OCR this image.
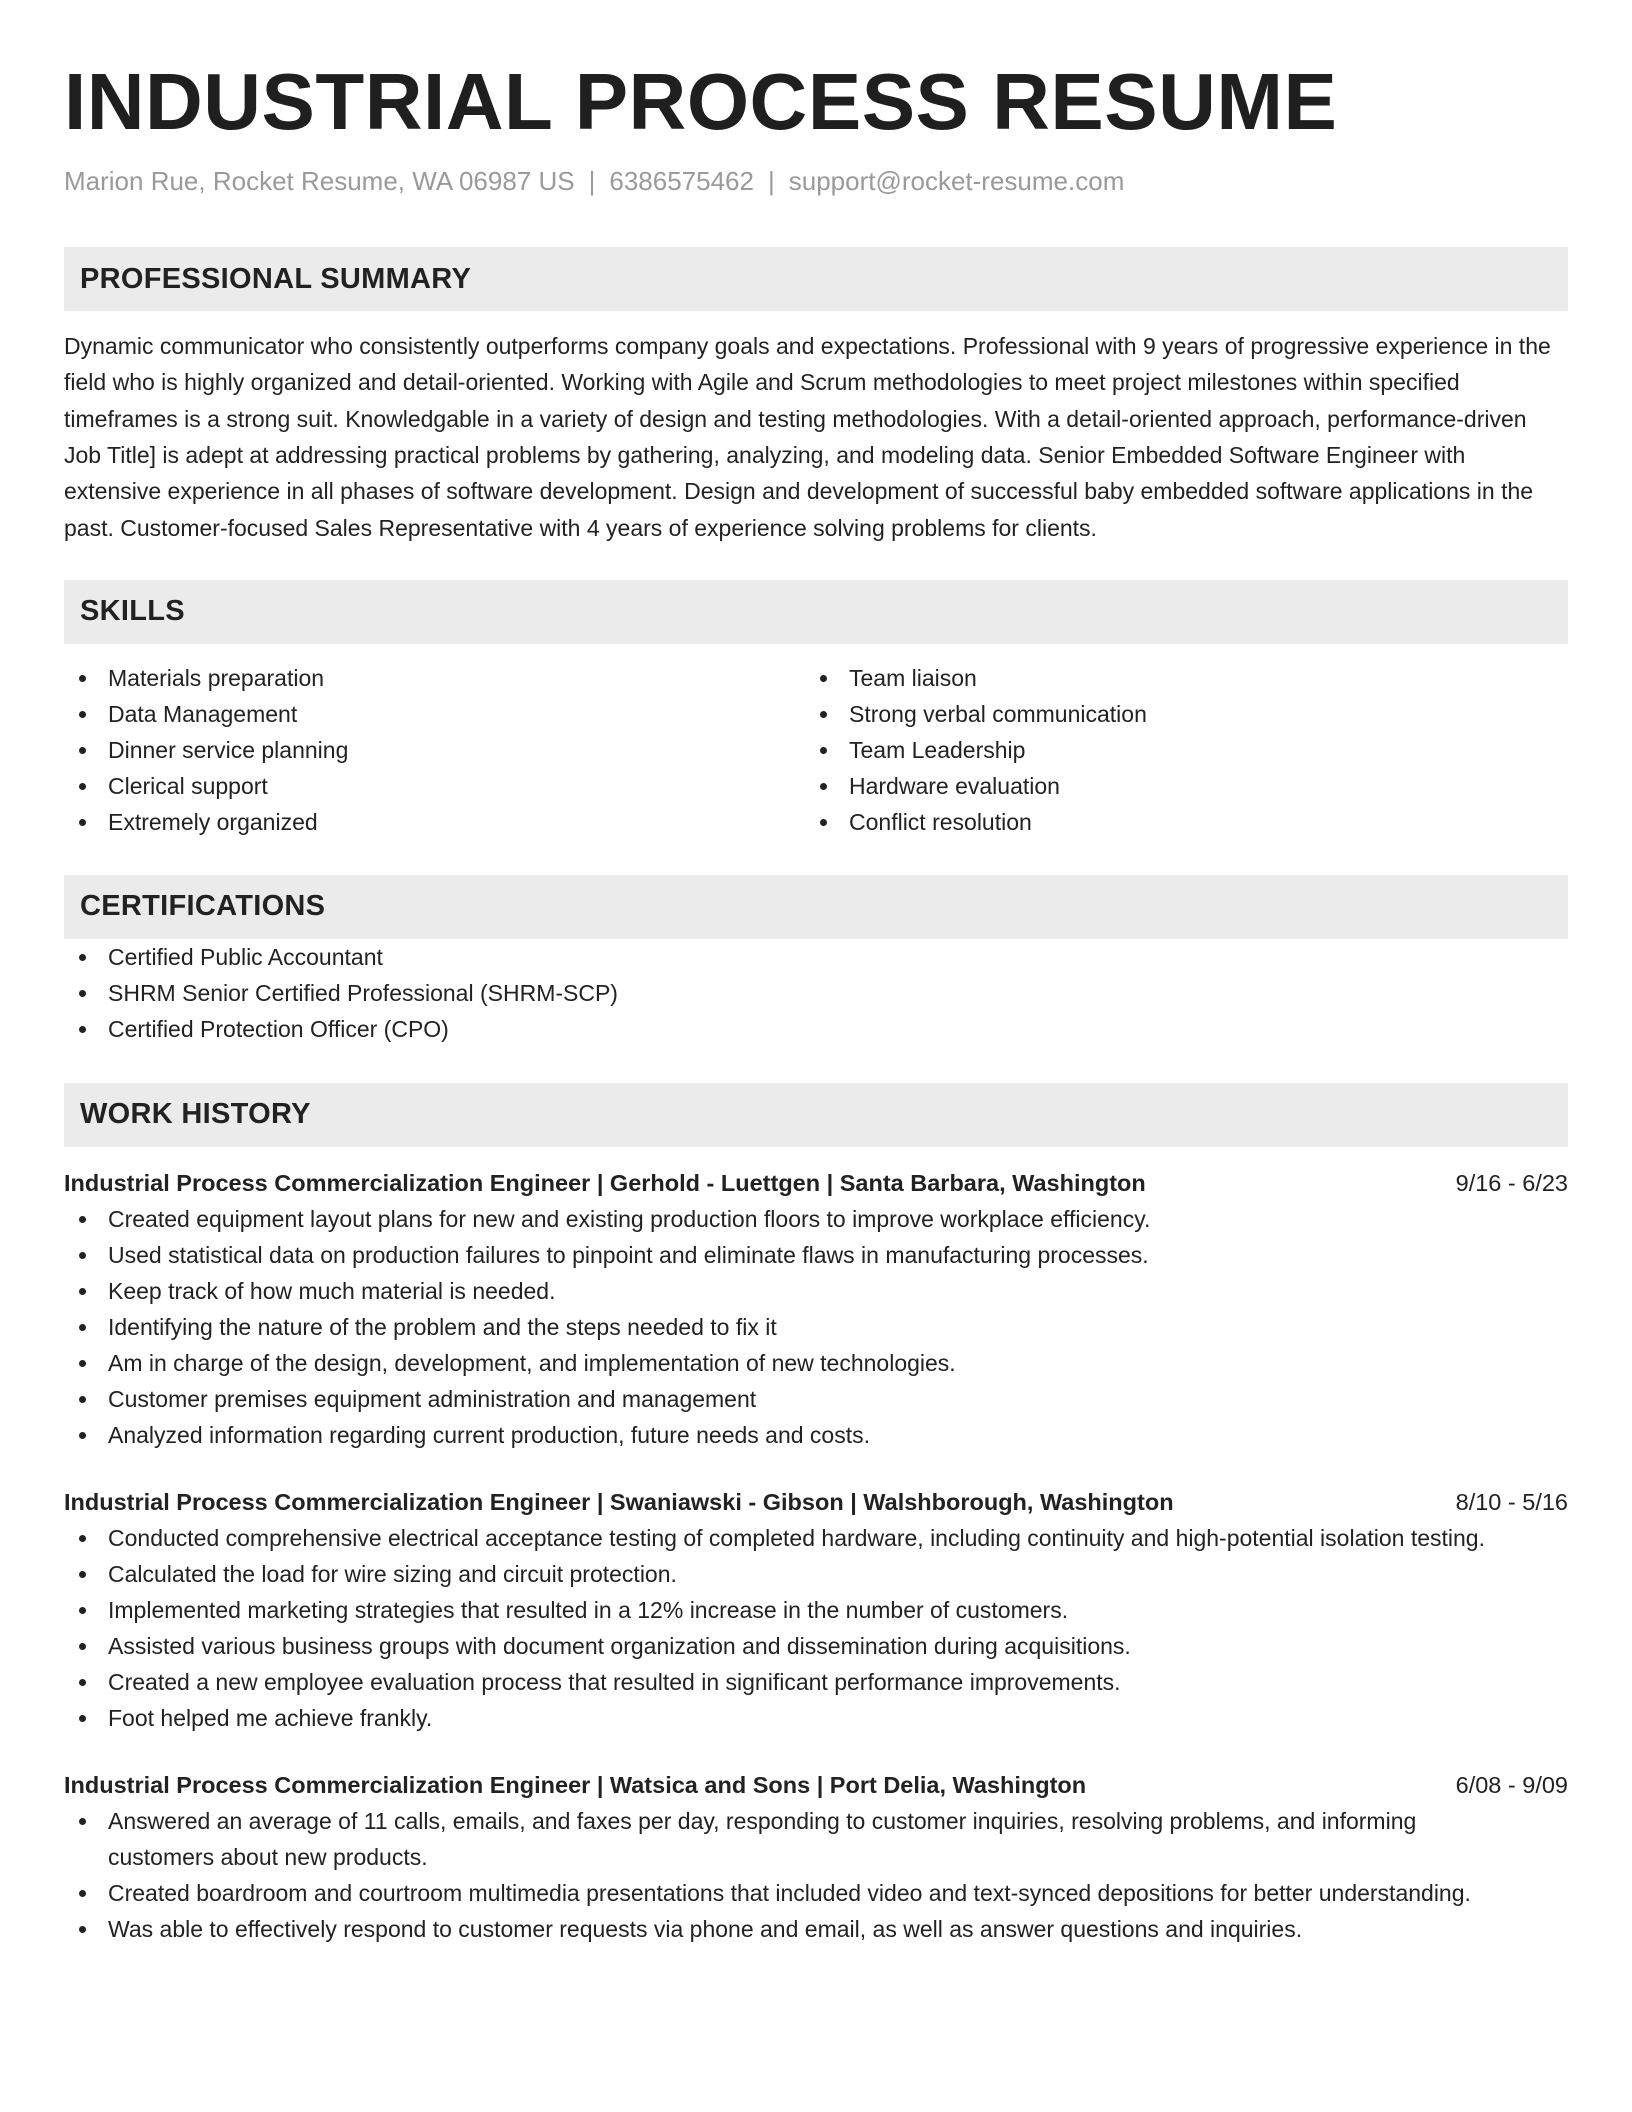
INDUSTRIAL PROCESS RESUME
Marion Rue, Rocket Resume, WA 06987 US | 6386575462 | support@rocket-resume.com
PROFESSIONAL SUMMARY

Dynamic communicator who consistently outperforms company goals and expectations. Professional with 9 years of progressive experience in the field who is highly organized and detail-oriented. Working with Agile and Scrum methodologies to meet project milestones within specified timeframes is a strong suit. Knowledgable in a variety of design and testing methodologies. With a detail-oriented approach, performance-driven Job Title] is adept at addressing practical problems by gathering, analyzing, and modeling data. Senior Embedded Software Engineer with extensive experience in all phases of software development. Design and development of successful baby embedded software applications in the past. Customer-focused Sales Representative with 4 years of experience solving problems for clients.

SKILLS
Materials preparation
Data Management
Dinner service planning
Clerical support
Extremely organized
Team liaison
Strong verbal communication
Team Leadership
Hardware evaluation
Conflict resolution
CERTIFICATIONS
Certified Public Accountant
SHRM Senior Certified Professional (SHRM-SCP)
Certified Protection Officer (CPO)
WORK HISTORY
Industrial Process Commercialization Engineer | Gerhold - Luettgen | Santa Barbara, Washington	9/16 - 6/23
Created equipment layout plans for new and existing production floors to improve workplace efficiency.
Used statistical data on production failures to pinpoint and eliminate flaws in manufacturing processes.
Keep track of how much material is needed.
Identifying the nature of the problem and the steps needed to fix it
Am in charge of the design, development, and implementation of new technologies.
Customer premises equipment administration and management
Analyzed information regarding current production, future needs and costs.
Industrial Process Commercialization Engineer | Swaniawski - Gibson | Walshborough, Washington	8/10 - 5/16
Conducted comprehensive electrical acceptance testing of completed hardware, including continuity and high-potential isolation testing.
Calculated the load for wire sizing and circuit protection.
Implemented marketing strategies that resulted in a 12% increase in the number of customers.
Assisted various business groups with document organization and dissemination during acquisitions.
Created a new employee evaluation process that resulted in significant performance improvements.
Foot helped me achieve frankly.
Industrial Process Commercialization Engineer | Watsica and Sons | Port Delia, Washington	6/08 - 9/09
Answered an average of 11 calls, emails, and faxes per day, responding to customer inquiries, resolving problems, and informing customers about new products.
Created boardroom and courtroom multimedia presentations that included video and text-synced depositions for better understanding.
Was able to effectively respond to customer requests via phone and email, as well as answer questions and inquiries.
